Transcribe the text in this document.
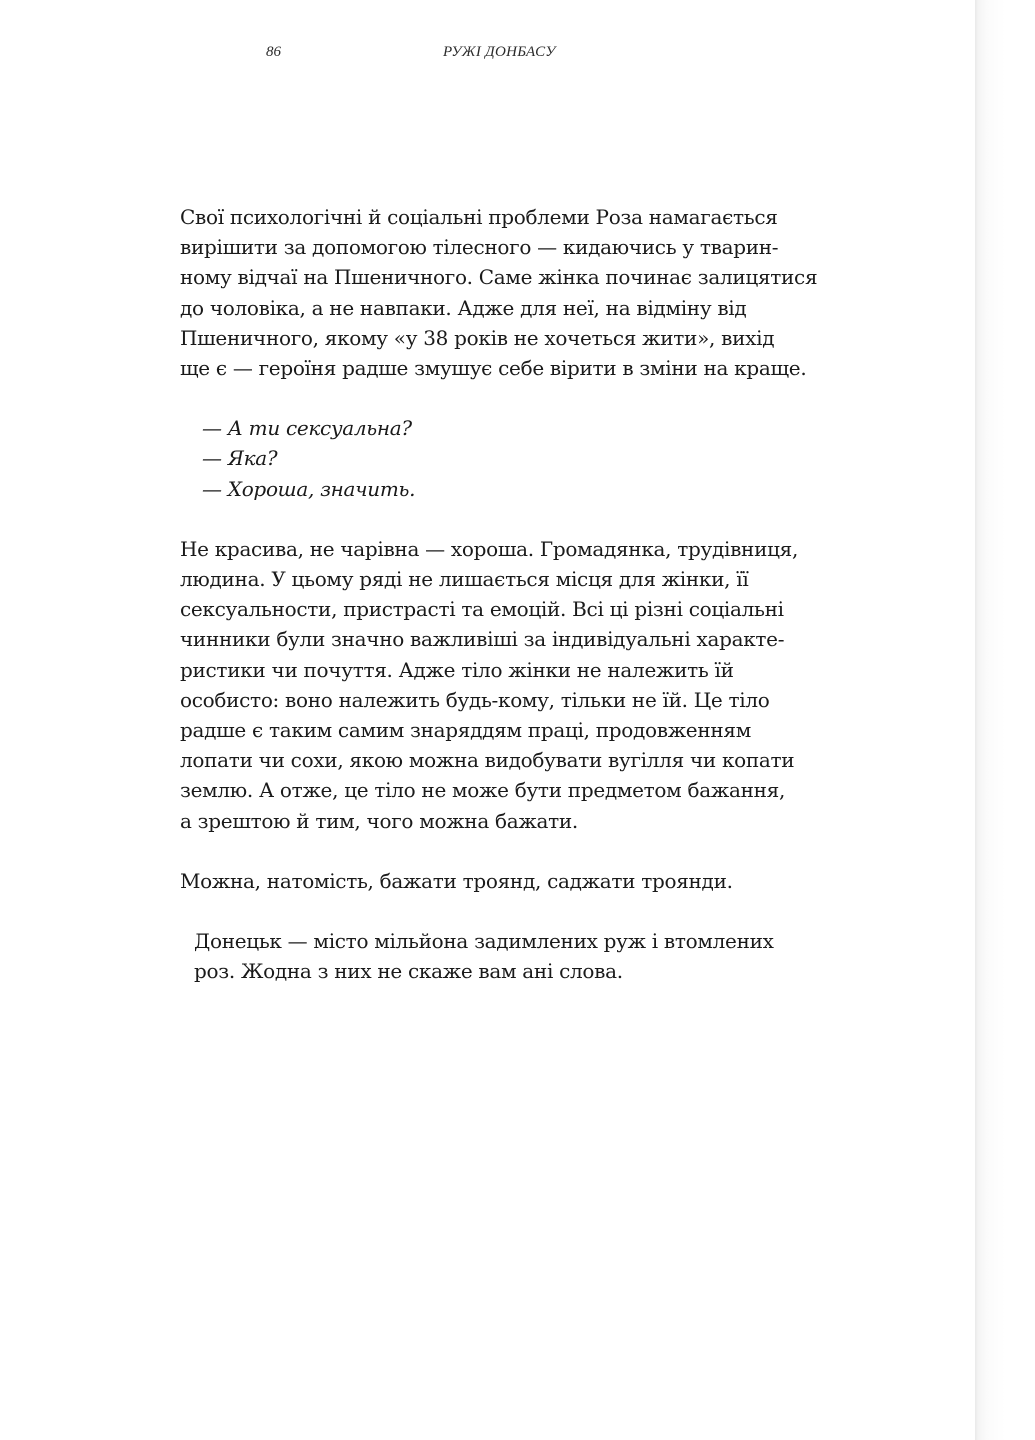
86	РУЖІ ДОНБАСУ

Свої психологічні й соціальні проблеми Роза намагається
вирішити за допомогою тілесного — кидаючись у тварин-
ному відчаї на Пшеничного. Саме жінка починає залицятися
до чоловіка, а не навпаки. Адже для неї, на відміну від
Пшеничного, якому «у 38 років не хочеться жити», вихід
ще є — героїня радше змушує себе вірити в зміни на краще.

— А ти сексуальна?
— Яка?
— Хороша, значить.

Не красива, не чарівна — хороша. Громадянка, трудівниця,
людина. У цьому ряді не лишається місця для жінки, її
сексуальности, пристрасті та емоцій. Всі ці різні соціальні
чинники були значно важливіші за індивідуальні характе-
ристики чи почуття. Адже тіло жінки не належить їй
особисто: воно належить будь-кому, тільки не їй. Це тіло
радше є таким самим знаряддям праці, продовженням
лопати чи сохи, якою можна видобувати вугілля чи копати
землю. А отже, це тіло не може бути предметом бажання,
а зрештою й тим, чого можна бажати.

Можна, натомість, бажати троянд, саджати троянди.

Донецьк — місто мільйона задимлених руж і втомлених
роз. Жодна з них не скаже вам ані слова.
